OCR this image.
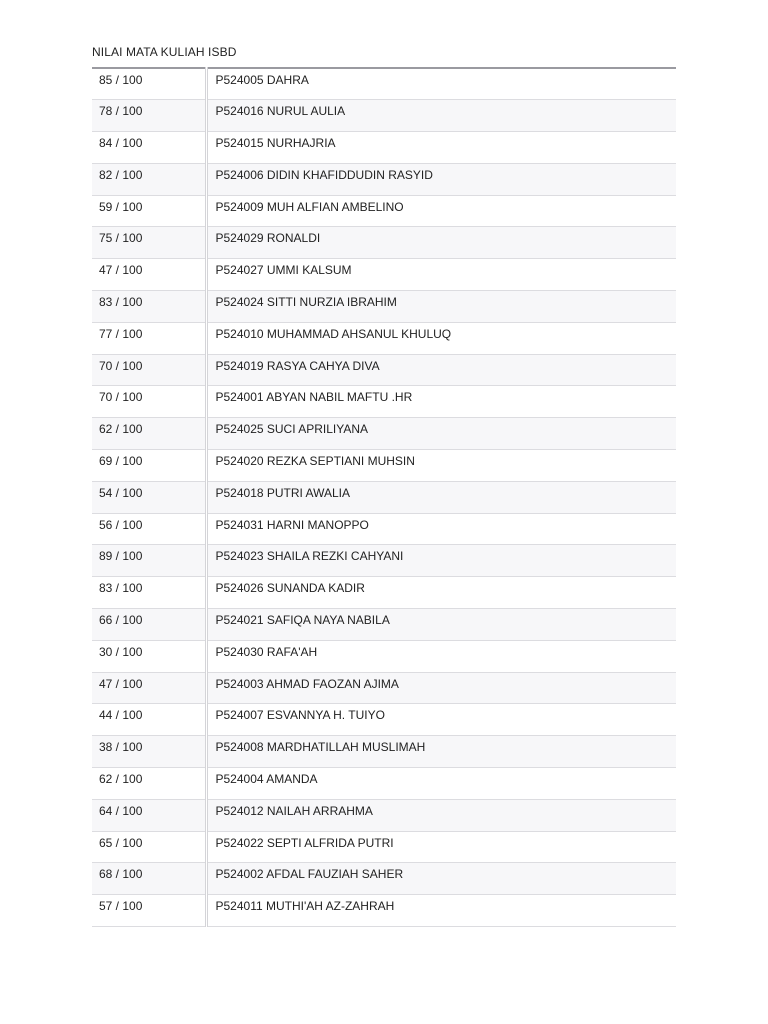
NILAI MATA KULIAH ISBD
85 / 100	P524005 DAHRA
78 / 100	P524016 NURUL AULIA
84 / 100	P524015 NURHAJRIA
82 / 100	P524006 DIDIN KHAFIDDUDIN RASYID
59 / 100	P524009 MUH ALFIAN AMBELINO
75 / 100	P524029 RONALDI
47 / 100	P524027 UMMI KALSUM
83 / 100	P524024 SITTI NURZIA IBRAHIM
77 / 100	P524010 MUHAMMAD AHSANUL KHULUQ
70 / 100	P524019 RASYA CAHYA DIVA
70 / 100	P524001 ABYAN NABIL MAFTU .HR
62 / 100	P524025 SUCI APRILIYANA
69 / 100	P524020 REZKA SEPTIANI MUHSIN
54 / 100	P524018 PUTRI AWALIA
56 / 100	P524031 HARNI MANOPPO
89 / 100	P524023 SHAILA REZKI CAHYANI
83 / 100	P524026 SUNANDA KADIR
66 / 100	P524021 SAFIQA NAYA NABILA
30 / 100	P524030 RAFA'AH
47 / 100	P524003 AHMAD FAOZAN AJIMA
44 / 100	P524007 ESVANNYA H. TUIYO
38 / 100	P524008 MARDHATILLAH MUSLIMAH
62 / 100	P524004 AMANDA
64 / 100	P524012 NAILAH ARRAHMA
65 / 100	P524022 SEPTI ALFRIDA PUTRI
68 / 100	P524002 AFDAL FAUZIAH SAHER
57 / 100	P524011 MUTHI'AH AZ-ZAHRAH
